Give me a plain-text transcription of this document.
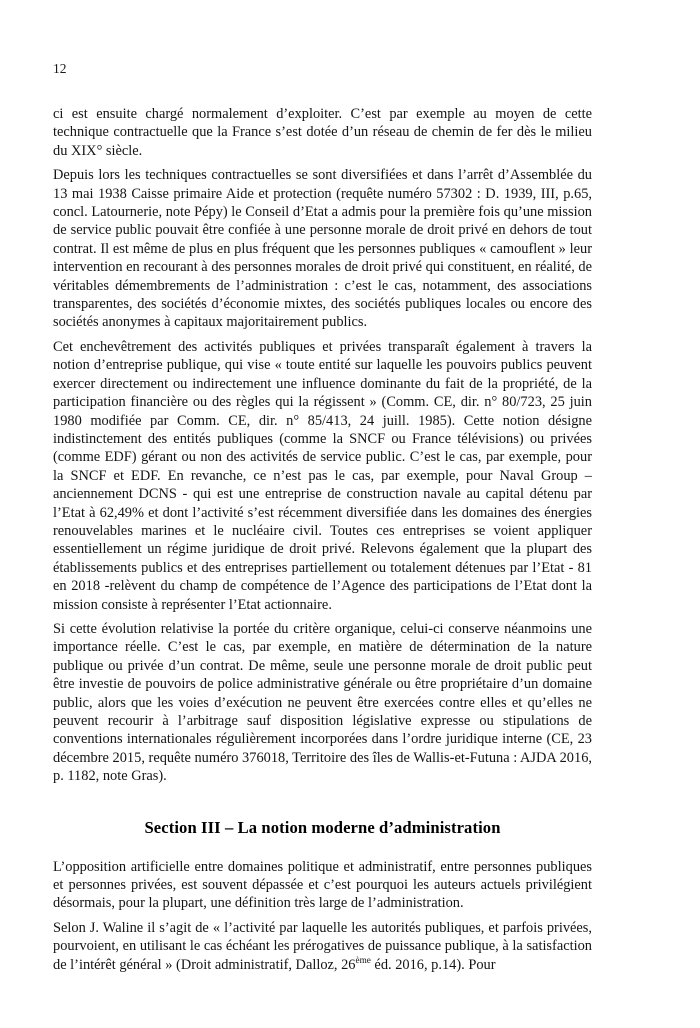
12

ci est ensuite chargé normalement d’exploiter. C’est par exemple au moyen de cette technique contractuelle que la France s’est dotée d’un réseau de chemin de fer dès le milieu du XIX° siècle.

Depuis lors les techniques contractuelles se sont diversifiées et dans l’arrêt d’Assemblée du 13 mai 1938 Caisse primaire Aide et protection (requête numéro 57302 : D. 1939, III, p.65, concl. Latournerie, note Pépy) le Conseil d’Etat a admis pour la première fois qu’une mission de service public pouvait être confiée à une personne morale de droit privé en dehors de tout contrat. Il est même de plus en plus fréquent que les personnes publiques « camouflent » leur intervention en recourant à des personnes morales de droit privé qui constituent, en réalité, de véritables démembrements de l’administration : c’est le cas, notamment, des associations transparentes, des sociétés d’économie mixtes, des sociétés publiques locales ou encore des sociétés anonymes à capitaux majoritairement publics.

Cet enchevêtrement des activités publiques et privées transparaît également à travers la notion d’entreprise publique, qui vise « toute entité sur laquelle les pouvoirs publics peuvent exercer directement ou indirectement une influence dominante du fait de la propriété, de la participation financière ou des règles qui la régissent » (Comm. CE, dir. n° 80/723, 25 juin 1980 modifiée par Comm. CE, dir. n° 85/413, 24 juill. 1985). Cette notion désigne indistinctement des entités publiques (comme la SNCF ou France télévisions) ou privées (comme EDF) gérant ou non des activités de service public. C’est le cas, par exemple, pour la SNCF et EDF. En revanche, ce n’est pas le cas, par exemple, pour Naval Group –anciennement DCNS - qui est une entreprise de construction navale au capital détenu par l’Etat à 62,49% et dont l’activité s’est récemment diversifiée dans les domaines des énergies renouvelables marines et le nucléaire civil. Toutes ces entreprises se voient appliquer essentiellement un régime juridique de droit privé. Relevons également que la plupart des établissements publics et des entreprises partiellement ou totalement détenues par l’Etat - 81 en 2018 -relèvent du champ de compétence de l’Agence des participations de l’Etat dont la mission consiste à représenter l’Etat actionnaire.

Si cette évolution relativise la portée du critère organique, celui-ci conserve néanmoins une importance réelle. C’est le cas, par exemple, en matière de détermination de la nature publique ou privée d’un contrat. De même, seule une personne morale de droit public peut être investie de pouvoirs de police administrative générale ou être propriétaire d’un domaine public, alors que les voies d’exécution ne peuvent être exercées contre elles et qu’elles ne peuvent recourir à l’arbitrage sauf disposition législative expresse ou stipulations de conventions internationales régulièrement incorporées dans l’ordre juridique interne (CE, 23 décembre 2015, requête numéro 376018, Territoire des îles de Wallis-et-Futuna : AJDA 2016, p. 1182, note Gras).

Section III – La notion moderne d’administration

L’opposition artificielle entre domaines politique et administratif, entre personnes publiques et personnes privées, est souvent dépassée et c’est pourquoi les auteurs actuels privilégient désormais, pour la plupart, une définition très large de l’administration.

Selon J. Waline il s’agit de « l’activité par laquelle les autorités publiques, et parfois privées, pourvoient, en utilisant le cas échéant les prérogatives de puissance publique, à la satisfaction de l’intérêt général » (Droit administratif, Dalloz, 26ème éd. 2016, p.14). Pour
